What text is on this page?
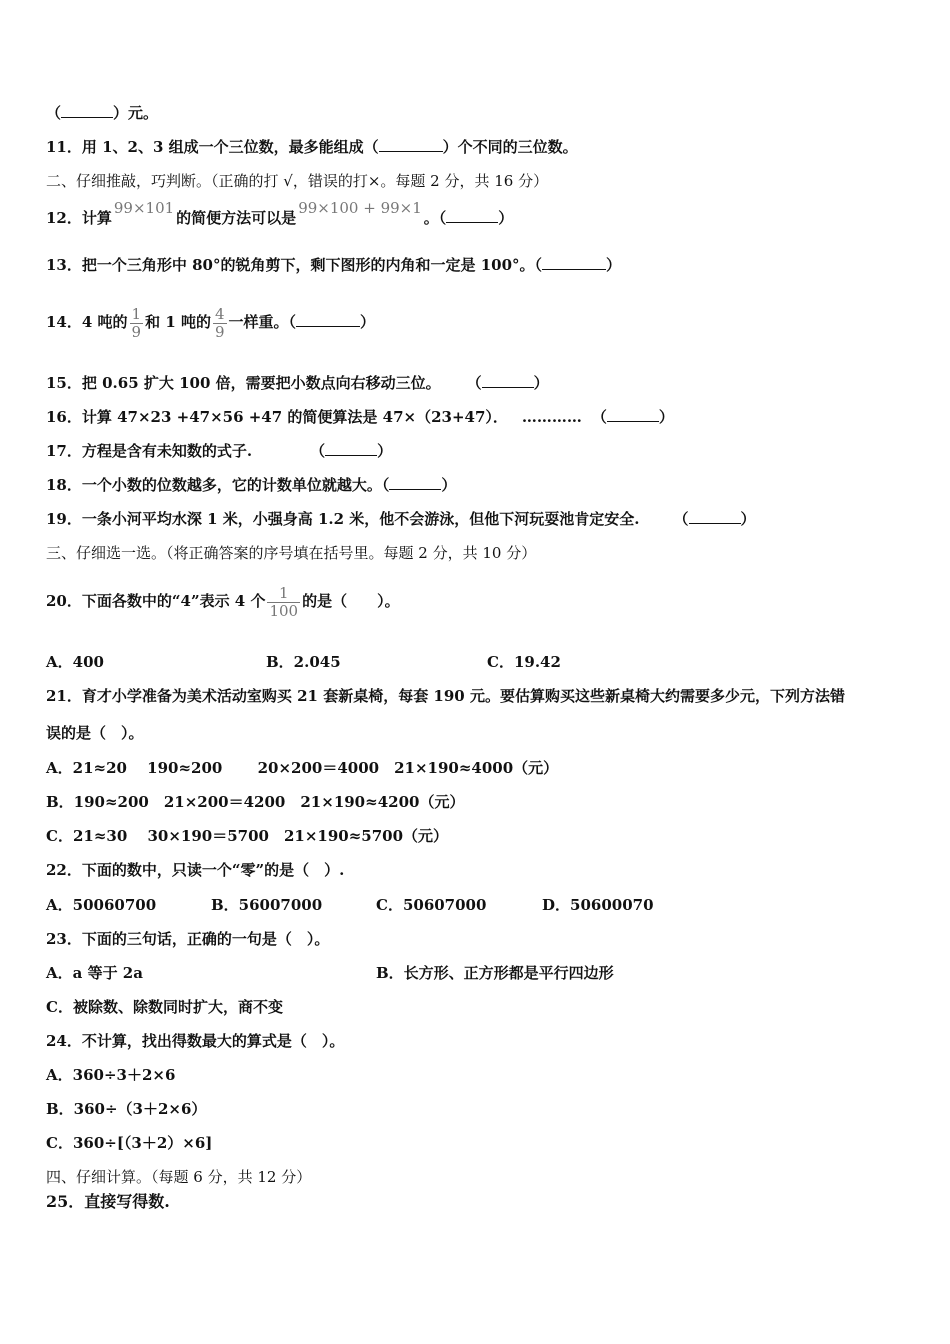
（	）元。
11．用 1、2、3 组成一个三位数，最多能组成（	）个不同的三位数。
二、仔细推敲，巧判断。（正确的打 √，错误的打×。每题 2 分，共 16 分）
12．计算99×101的简便方法可以是99×100 + 99×1。（	）
13．把一个三角形中 80°的锐角剪下，剩下图形的内角和一定是 100°。（	）
14．4 吨的 $\frac{1}{9}$ 和 1 吨的 $\frac{4}{9}$ 一样重。（	）
15．把 0.65 扩大 100 倍，需要把小数点向右移动三位。 （	）
16．计算 47×23 +47×56 +47 的简便算法是 47×（23+47）． ………… （	）
17．方程是含有未知数的式子.	（	）
18．一个小数的位数越多，它的计数单位就越大。（	）
19．一条小河平均水深 1 米，小强身高 1.2 米，他不会游泳，但他下河玩耍池肯定安全. （	）
三、仔细选一选。（将正确答案的序号填在括号里。每题 2 分，共 10 分）
20．下面各数中的“4”表示 4 个 $\frac{1}{100}$ 的是（　　）。
A．400	B．2.045	C．19.42
21．育才小学准备为美术活动室购买 21 套新桌椅，每套 190 元。要估算购买这些新桌椅大约需要多少元，下列方法错
误的是（　）。
A．21≈20　 190≈200　　 20×200＝4000　21×190≈4000（元）
B．190≈200　21×200＝4200　21×190≈4200（元）
C．21≈30　 30×190＝5700　21×190≈5700（元）
22．下面的数中，只读一个“零”的是（　）.
A．50060700	B．56007000	C．50607000	D．50600070
23．下面的三句话，正确的一句是（　）。
A．a 等于 2a	B．长方形、正方形都是平行四边形
C．被除数、除数同时扩大，商不变
24．不计算，找出得数最大的算式是（　）。
A．360÷3＋2×6
B．360÷（3＋2×6）
C．360÷[（3＋2）×6]
四、仔细计算。（每题 6 分，共 12 分）
25．直接写得数.
